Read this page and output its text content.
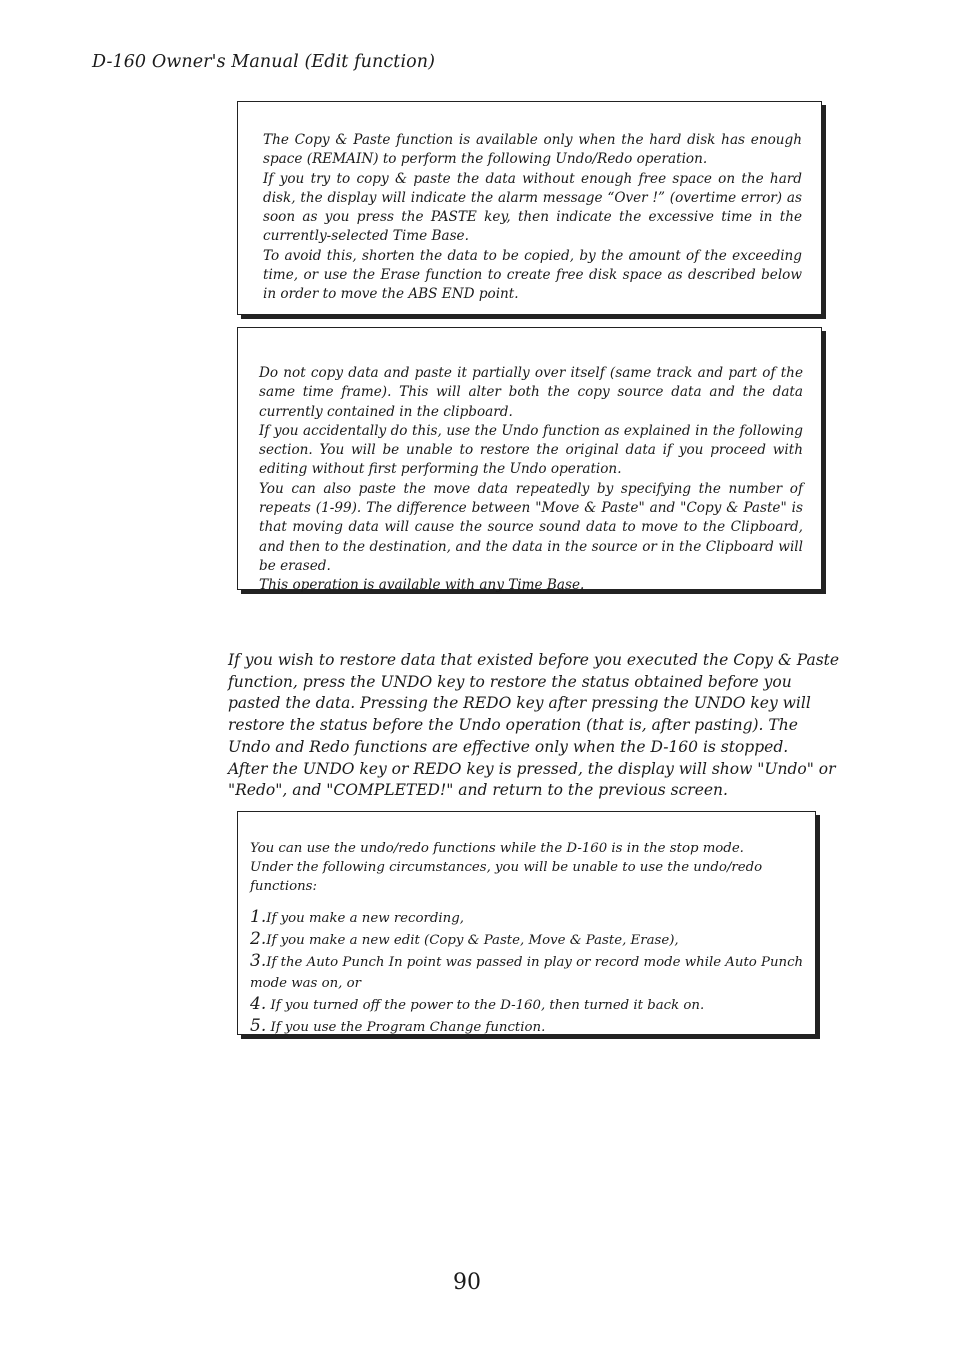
D-160 Owner's Manual (Edit function)

The Copy & Paste function is available only when the hard disk has enough space (REMAIN) to perform the following Undo/Redo operation.

If you try to copy & paste the data without enough free space on the hard disk, the display will indicate the alarm message “Over !” (overtime error) as soon as you press the PASTE key, then indicate the excessive time in the currently-selected Time Base.

To avoid this, shorten the data to be copied, by the amount of the exceeding time, or use the Erase function to create free disk space as described below in order to move the ABS END point.

Do not copy data and paste it partially over itself (same track and part of the same time frame). This will alter both the copy source data and the data currently contained in the clipboard.

If you accidentally do this, use the Undo function as explained in the following section. You will be unable to restore the original data if you proceed with editing without first performing the Undo operation.

You can also paste the move data repeatedly by specifying the number of repeats (1-99). The difference between "Move & Paste" and "Copy & Paste" is that moving data will cause the source sound data to move to the Clipboard, and then to the destination, and the data in the source or in the Clipboard will be erased.

This operation is available with any Time Base.

If you wish to restore data that existed before you executed the Copy & Paste function, press the UNDO key to restore the status obtained before you pasted the data. Pressing the REDO key after pressing the UNDO key will restore the status before the Undo operation (that is, after pasting). The Undo and Redo functions are effective only when the D-160 is stopped.

After the UNDO key or REDO key is pressed, the display will show "Undo" or "Redo", and "COMPLETED!" and return to the previous screen.

You can use the undo/redo functions while the D-160 is in the stop mode.

Under the following circumstances, you will be unable to use the undo/redo functions:

1.If you make a new recording,
2.If you make a new edit (Copy & Paste, Move & Paste, Erase),
3.If the Auto Punch In point was passed in play or record mode while Auto Punch mode was on, or
4. If you turned off the power to the D-160, then turned it back on.
5. If you use the Program Change function.
90
